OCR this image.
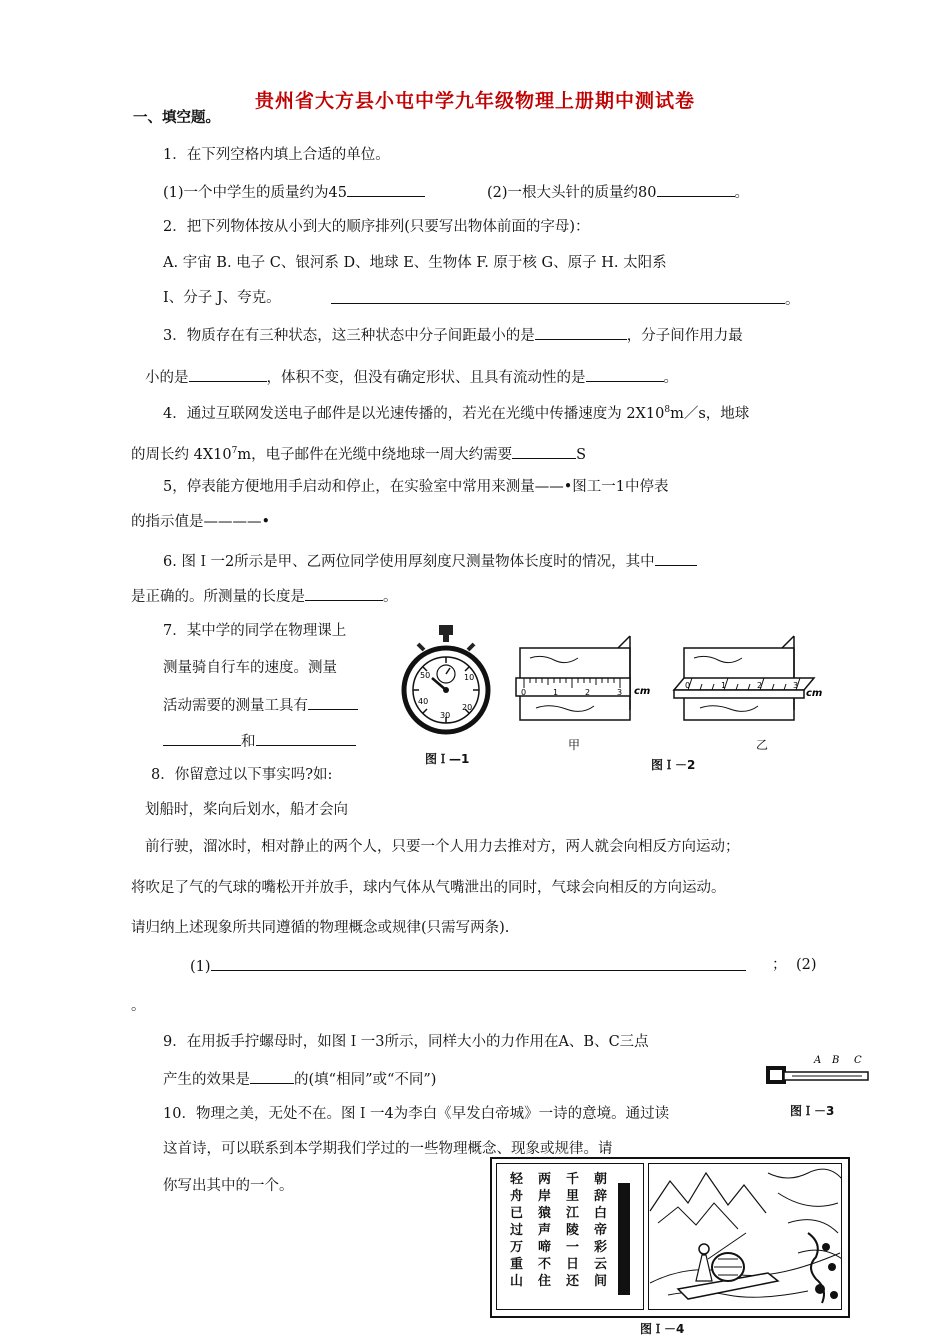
贵州省大方县小屯中学九年级物理上册期中测试卷
一、填空题。
1．在下列空格内填上合适的单位。
(1)一个中学生的质量约为45	(2)一根大头针的质量约80	。
2．把下列物体按从小到大的顺序排列(只要写出物体前面的字母)：
A. 宇宙 B. 电子 C、银河系 D、地球 E、生物体 F. 原于核 G、原子 H. 太阳系
I、分子 J、夸克。	。
3．物质存在有三种状态，这三种状态中分子间距最小的是	，分子间作用力最
小的是	，体积不变，但没有确定形状、且具有流动性的是	。
4．通过互联网发送电子邮件是以光速传播的，若光在光缆中传播速度为 $2X10^8m/s$，地球
的周长约 $4X10^7m$，电子邮件在光缆中绕地球一周大约需要	S
5，停表能方便地用手启动和停止，在实验室中常用来测量——•图工一1中停表
的指示值是————•
6. 图Ｉ一2所示是甲、乙两位同学使用厚刻度尺测量物体长度时的情况，其中
是正确的。所测量的长度是	。
7．某中学的同学在物理课上
测量骑自行车的速度。测量
活动需要的测量工具有
和
50	10
40
20
30
图Ｉ—1
0	1	2	3 cm
0	1	2	3
cm
甲	乙
图Ｉ－2
8．你留意过以下事实吗?如:
划船时，桨向后划水，船才会向
前行驶，溜冰时，相对静止的两个人，只要一个人用力去推对方，两人就会向相反方向运动；
将吹足了气的气球的嘴松开并放手，球内气体从气嘴泄出的同时，气球会向相反的方向运动。
请归纳上述现象所共同遵循的物理概念或规律(只需写两条).
(1)	； (2)
。
9．在用扳手拧螺母时，如图Ｉ一3所示，同样大小的力作用在A、B、C三点
产生的效果是	的(填“相同”或“不同”)
A B C
图Ｉ－3
10．物理之美，无处不在。图Ｉ一4为李白《早发白帝城》一诗的意境。通过读
这首诗，可以联系到本学期我们学过的一些物理概念、现象或规律。请
你写出其中的一个。	轻舟已过万重山
两岸猿声啼不住
千里江陵一日还
朝辞白帝彩云间
图Ｉ－4
